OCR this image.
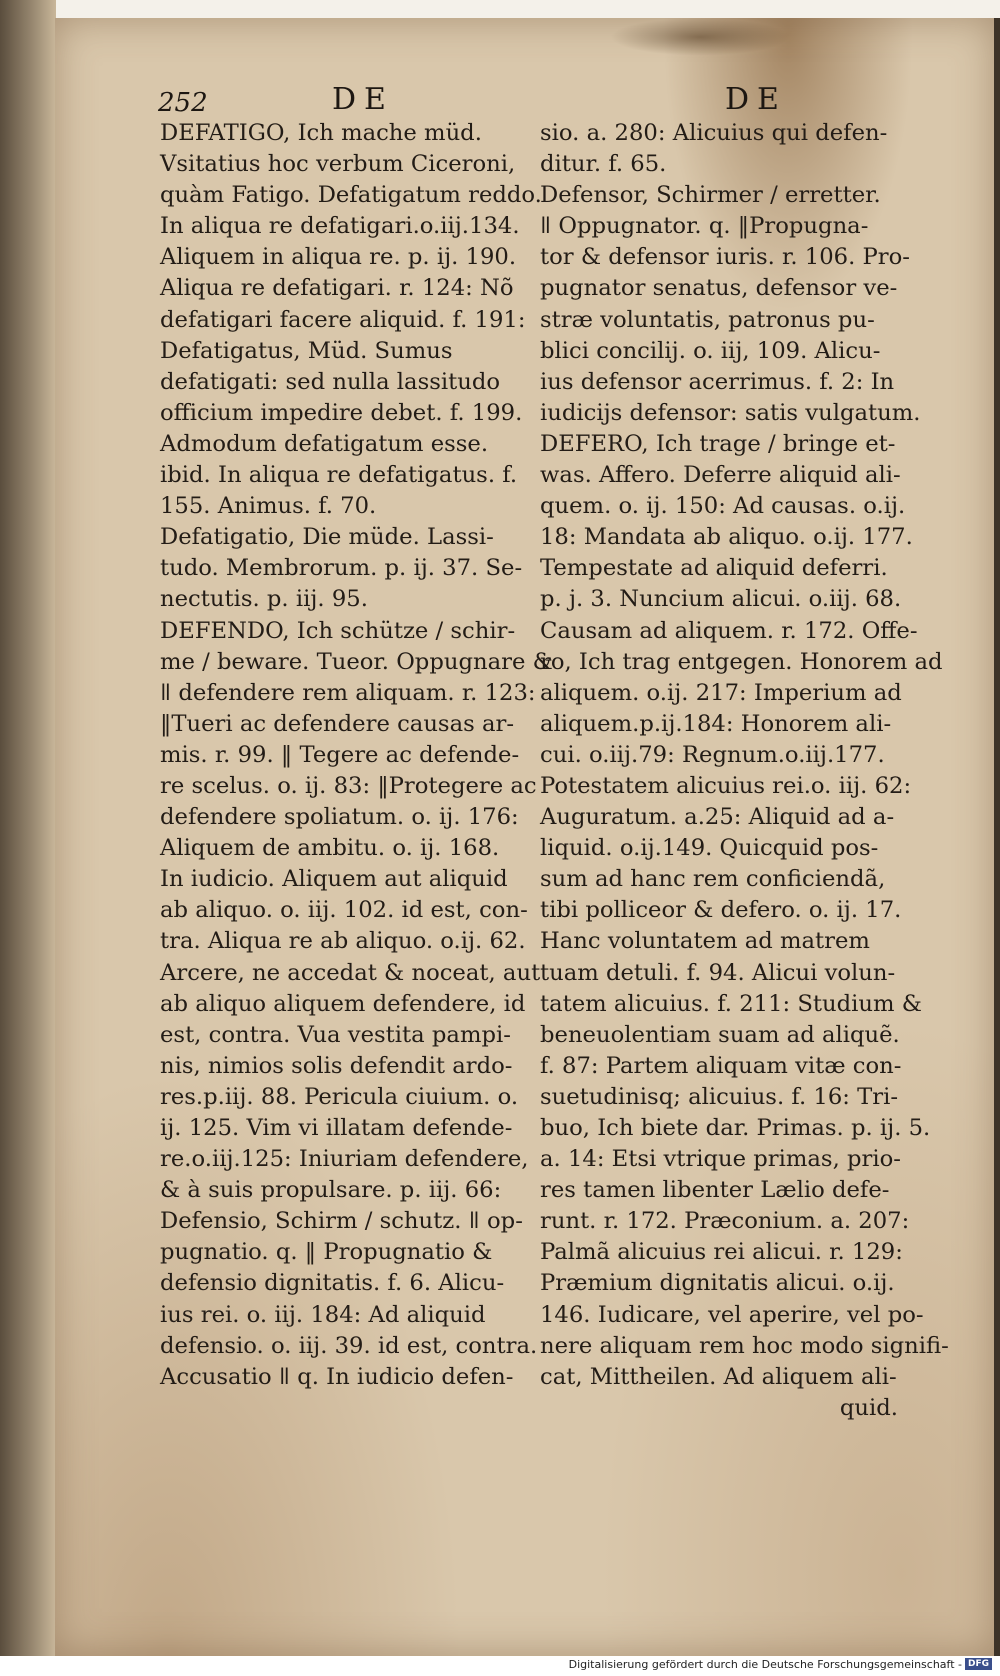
252	DE	DE
DEFATIGO, Ich mache müd.
Vsitatius hoc verbum Ciceroni,
quàm Fatigo. Defatigatum reddo.
In aliqua re defatigari.o.iij.134.
Aliquem in aliqua re. p. ij. 190.
Aliqua re defatigari. r. 124: Nõ
defatigari facere aliquid. f. 191:
Defatigatus, Müd. Sumus
defatigati: sed nulla lassitudo
officium impedire debet. f. 199.
Admodum defatigatum esse.
ibid. In aliqua re defatigatus. f.
155. Animus. f. 70.
Defatigatio, Die müde. Lassi-
tudo. Membrorum. p. ij. 37. Se-
nectutis. p. iij. 95.
DEFENDO, Ich schütze / schir-
me / beware. Tueor. Oppugnare &
ǁ defendere rem aliquam. r. 123:
‖Tueri ac defendere causas ar-
mis. r. 99. ‖ Tegere ac defende-
re scelus. o. ij. 83: ‖Protegere ac
defendere spoliatum. o. ij. 176:
Aliquem de ambitu. o. ij. 168.
In iudicio. Aliquem aut aliquid
ab aliquo. o. iij. 102. id est, con-
tra. Aliqua re ab aliquo. o.ij. 62.
Arcere, ne accedat & noceat, aut
ab aliquo aliquem defendere, id
est, contra. Vua vestita pampi-
nis, nimios solis defendit ardo-
res.p.iij. 88. Pericula ciuium. o.
ij. 125. Vim vi illatam defende-
re.o.iij.125: Iniuriam defendere,
& à suis propulsare. p. iij. 66:
Defensio, Schirm / schutz. ǁ op-
pugnatio. q. ‖ Propugnatio &
defensio dignitatis. f. 6. Alicu-
ius rei. o. iij. 184: Ad aliquid
defensio. o. iij. 39. id est, contra.
Accusatio ǁ q. In iudicio defen-
sio. a. 280: Alicuius qui defen-
ditur. f. 65.
Defensor, Schirmer / erretter.
ǁ Oppugnator. q. ‖Propugna-
tor & defensor iuris. r. 106. Pro-
pugnator senatus, defensor ve-
stræ voluntatis, patronus pu-
blici concilij. o. iij, 109. Alicu-
ius defensor acerrimus. f. 2: In
iudicijs defensor: satis vulgatum.
DEFERO, Ich trage / bringe et-
was. Affero. Deferre aliquid ali-
quem. o. ij. 150: Ad causas. o.ij.
18: Mandata ab aliquo. o.ij. 177.
Tempestate ad aliquid deferri.
p. j. 3. Nuncium alicui. o.iij. 68.
Causam ad aliquem. r. 172. Offe-
ro, Ich trag entgegen. Honorem ad
aliquem. o.ij. 217: Imperium ad
aliquem.p.ij.184: Honorem ali-
cui. o.iij.79: Regnum.o.iij.177.
Potestatem alicuius rei.o. iij. 62:
Auguratum. a.25: Aliquid ad a-
liquid. o.ij.149. Quicquid pos-
sum ad hanc rem conficiendã,
tibi polliceor & defero. o. ij. 17.
Hanc voluntatem ad matrem
tuam detuli. f. 94. Alicui volun-
tatem alicuius. f. 211: Studium &
beneuolentiam suam ad aliquẽ.
f. 87: Partem aliquam vitæ con-
suetudinisq; alicuius. f. 16: Tri-
buo, Ich biete dar. Primas. p. ij. 5.
a. 14: Etsi vtrique primas, prio-
res tamen libenter Lælio defe-
runt. r. 172. Præconium. a. 207:
Palmã alicuius rei alicui. r. 129:
Præmium dignitatis alicui. o.ij.
146. Iudicare, vel aperire, vel po-
nere aliquam rem hoc modo signifi-
cat, Mittheilen. Ad aliquem ali-
quid.
Digitalisierung gefördert durch die Deutsche Forschungsgemeinschaft - DFG
